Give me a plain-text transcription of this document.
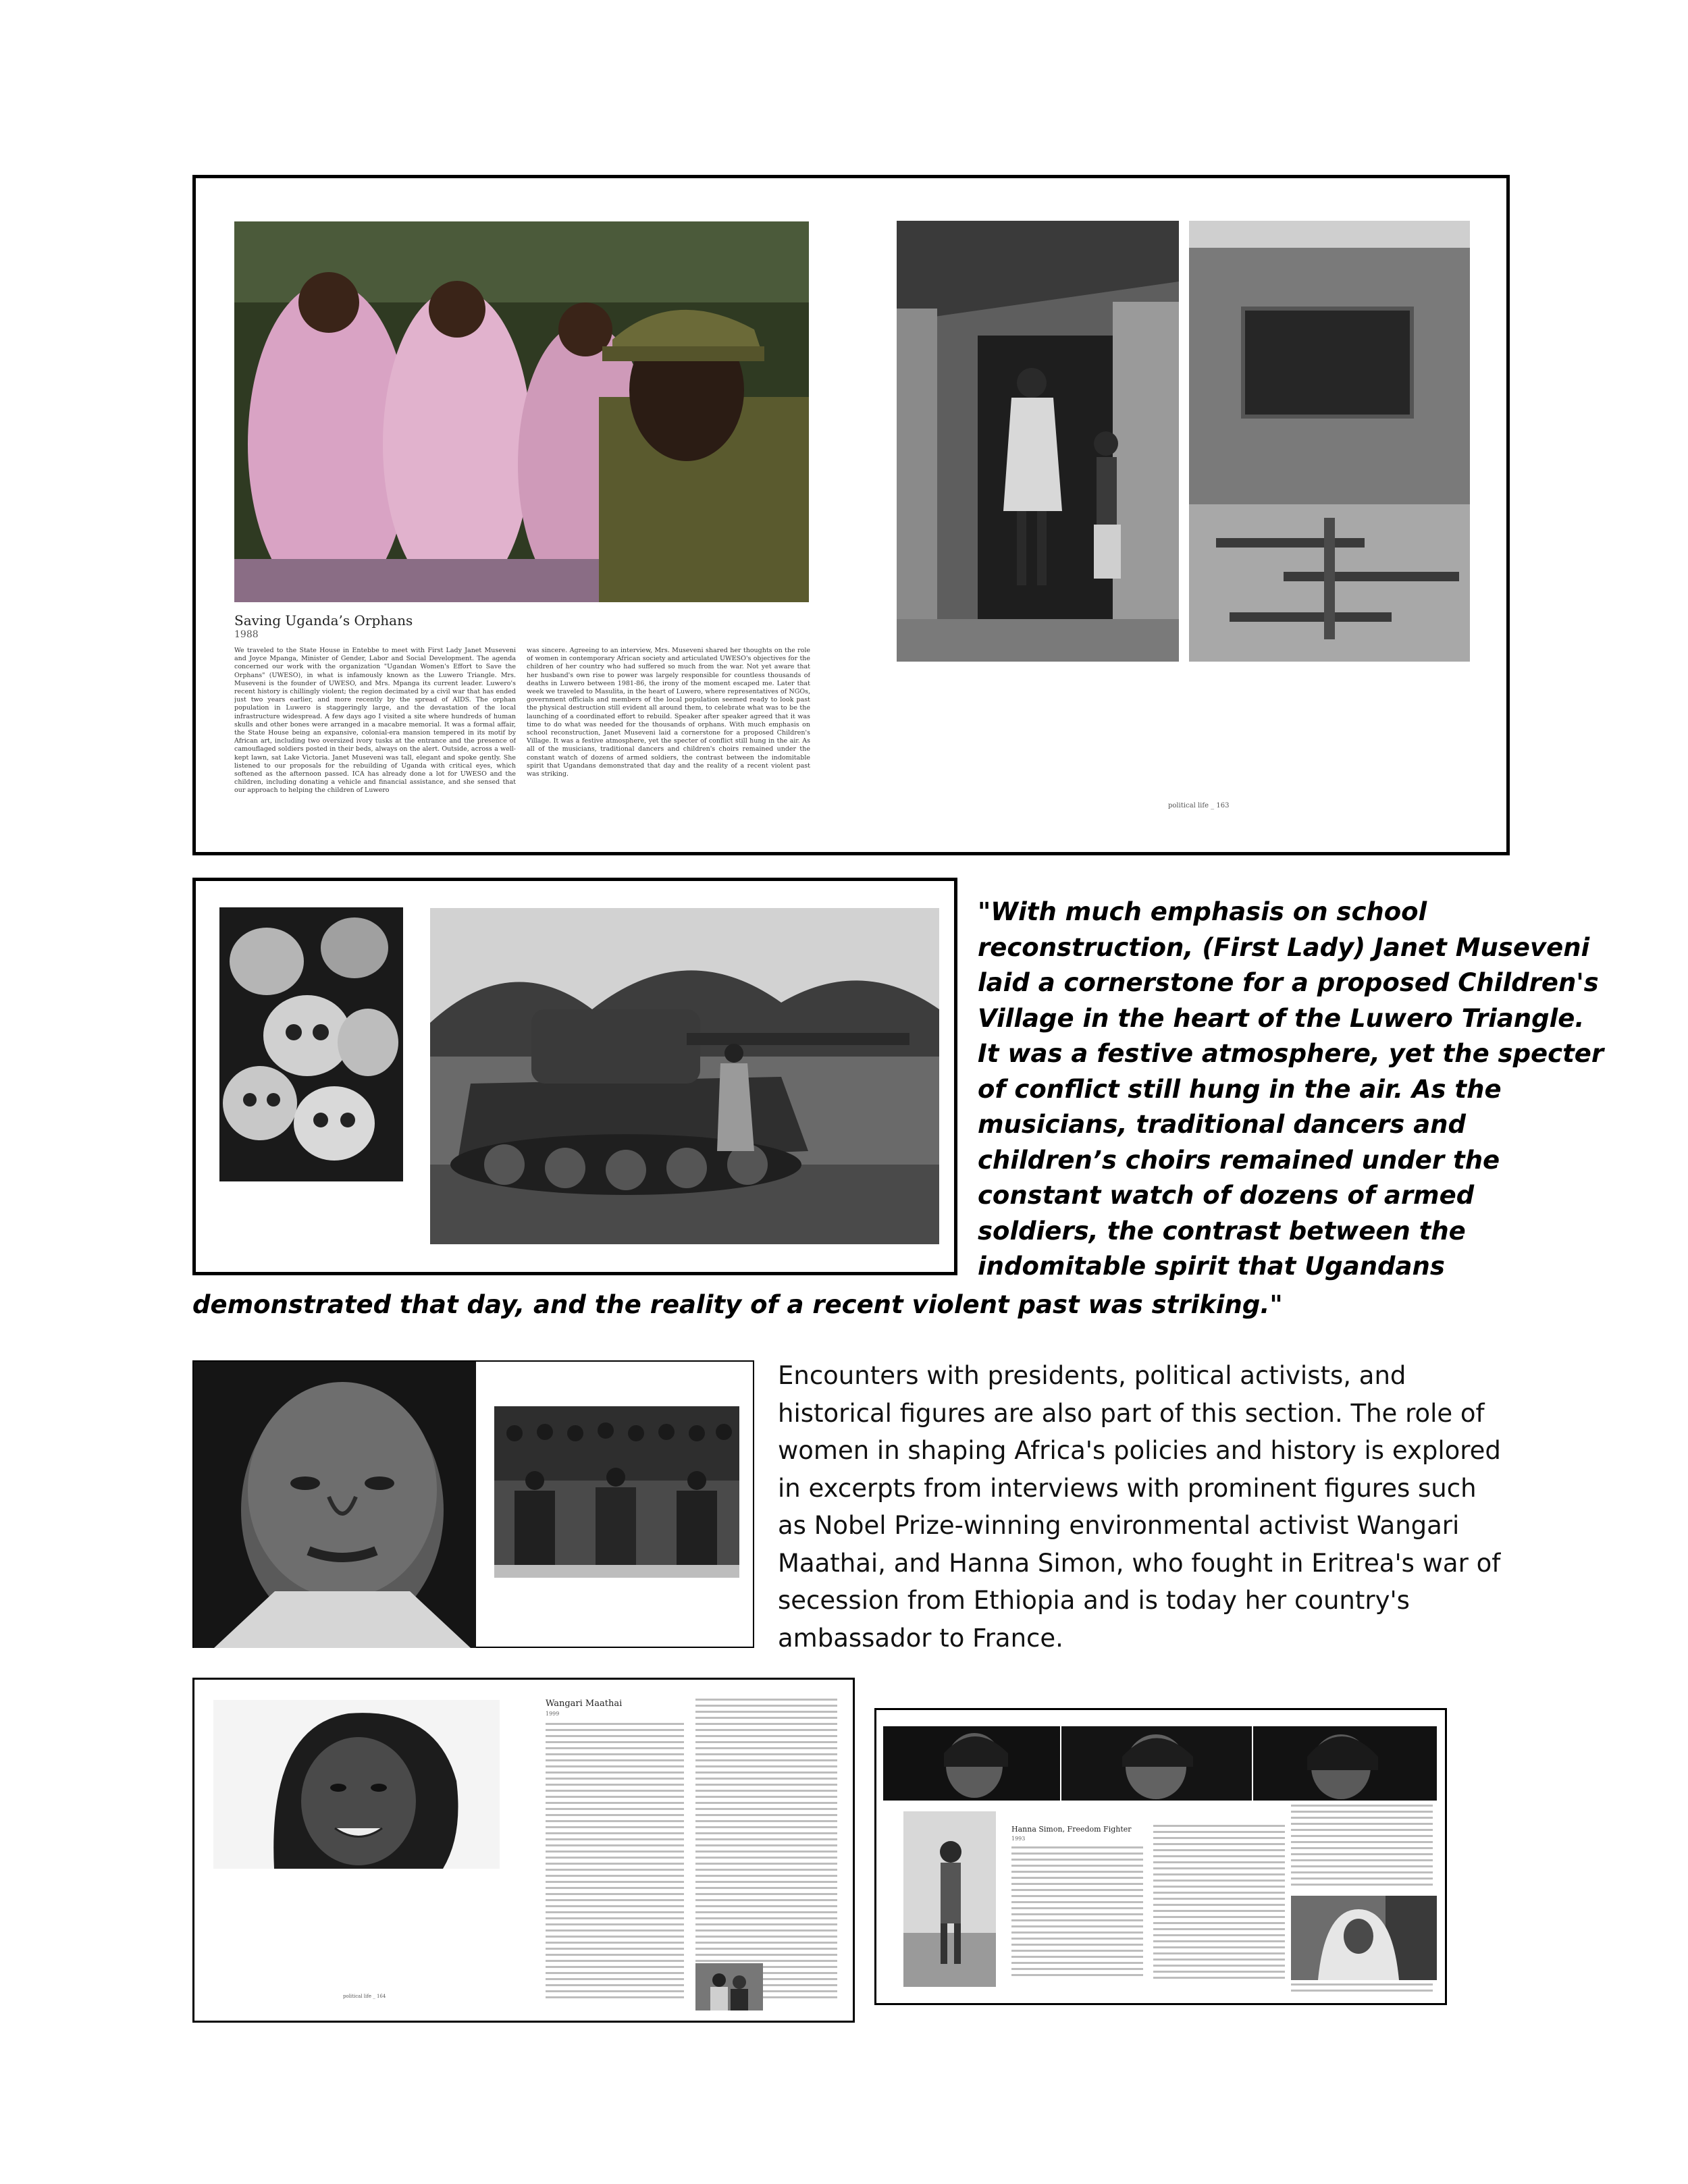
Saving Uganda’s Orphans
1988
We traveled to the State House in Entebbe to meet with First Lady Janet Museveni and Joyce Mpanga, Minister of Gender, Labor and Social Development. The agenda concerned our work with the organization "Ugandan Women's Effort to Save the Orphans" (UWESO), in what is infamously known as the Luwero Triangle. Mrs. Museveni is the founder of UWESO, and Mrs. Mpanga its current leader. Luwero's recent history is chillingly violent; the region decimated by a civil war that has ended just two years earlier, and more recently by the spread of AIDS. The orphan population in Luwero is staggeringly large, and the devastation of the local infrastructure widespread. A few days ago I visited a site where hundreds of human skulls and other bones were arranged in a macabre memorial. It was a formal affair, the State House being an expansive, colonial-era mansion tempered in its motif by African art, including two oversized ivory tusks at the entrance and the presence of camouflaged soldiers posted in their beds, always on the alert. Outside, across a well-kept lawn, sat Lake Victoria. Janet Museveni was tall, elegant and spoke gently. She listened to our proposals for the rebuilding of Uganda with critical eyes, which softened as the afternoon passed. ICA has already done a lot for UWESO and the children, including donating a vehicle and financial assistance, and she sensed that our approach to helping the children of Luwero
was sincere. Agreeing to an interview, Mrs. Museveni shared her thoughts on the role of women in contemporary African society and articulated UWESO's objectives for the children of her country who had suffered so much from the war. Not yet aware that her husband's own rise to power was largely responsible for countless thousands of deaths in Luwero between 1981-86, the irony of the moment escaped me. Later that week we traveled to Masulita, in the heart of Luwero, where representatives of NGOs, government officials and members of the local population seemed ready to look past the physical destruction still evident all around them, to celebrate what was to be the launching of a coordinated effort to rebuild. Speaker after speaker agreed that it was time to do what was needed for the thousands of orphans. With much emphasis on school reconstruction, Janet Museveni laid a cornerstone for a proposed Children's Village. It was a festive atmosphere, yet the specter of conflict still hung in the air. As all of the musicians, traditional dancers and children's choirs remained under the constant watch of dozens of armed soldiers, the contrast between the indomitable spirit that Ugandans demonstrated that day and the reality of a recent violent past was striking.
political life _ 163
"With much emphasis on school
reconstruction, (First Lady) Janet Museveni
laid a cornerstone for a proposed Children's
Village in the heart of the Luwero Triangle.
It was a festive atmosphere, yet the specter
of conflict still hung in the air. As the
musicians, traditional dancers and
children’s choirs remained under the
constant watch of dozens of armed
soldiers, the contrast between the
indomitable spirit that Ugandans
demonstrated that day, and the reality of a recent violent past was striking."
Encounters with presidents, political activists, and
historical figures are also part of this section. The role of
women in shaping Africa's policies and history is explored
in excerpts from interviews with prominent figures such
as Nobel Prize-winning environmental activist Wangari
Maathai, and Hanna Simon, who fought in Eritrea's war of
secession from Ethiopia and is today her country's
ambassador to France.
Wangari Maathai
1999
political life _ 164
Hanna Simon, Freedom Fighter
1993
